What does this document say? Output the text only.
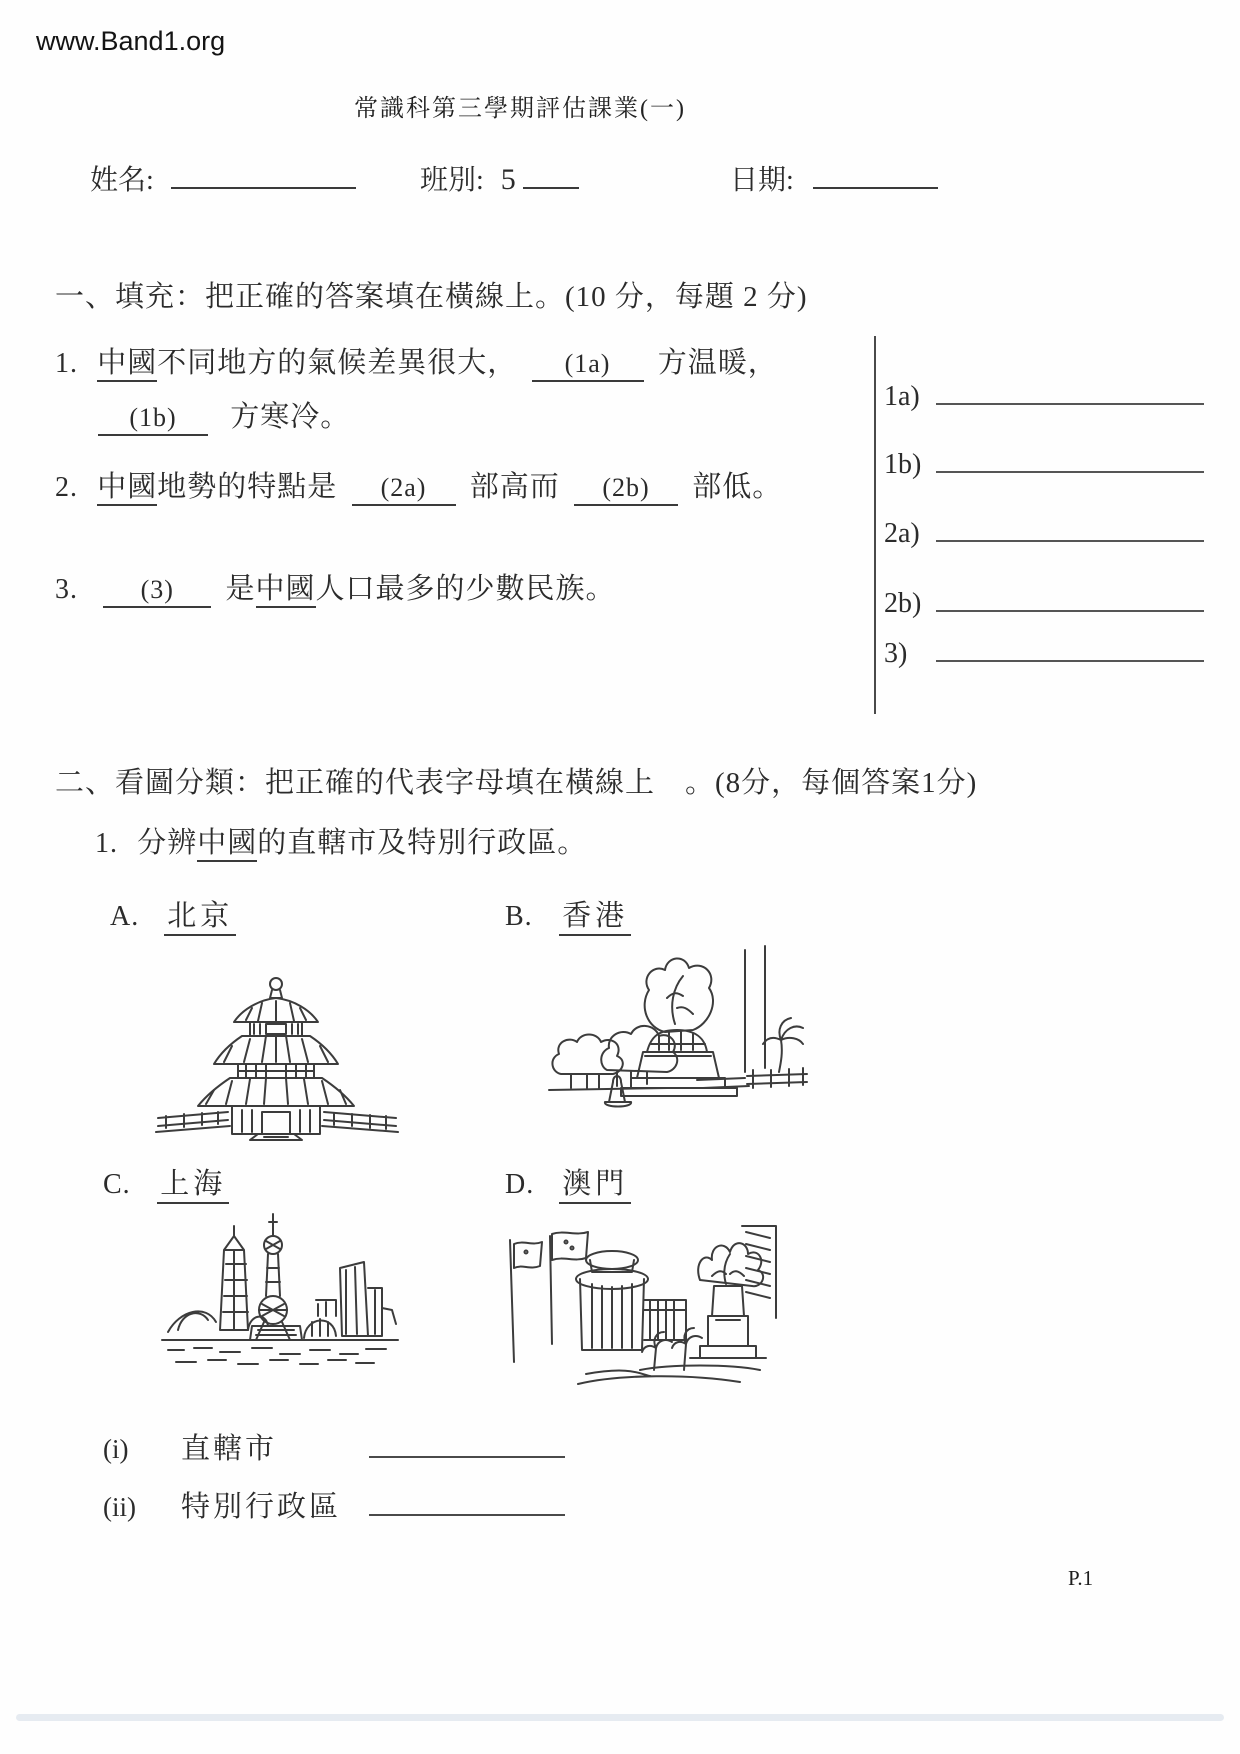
www.Band1.org
常識科第三學期評估課業(一)
姓名:	班別: 5	日期:
一、填充：把正確的答案填在橫線上。(10 分，每題 2 分)
1. 中國不同地方的氣候差異很大， (1a) 方温暖，
(1b) 方寒冷。
2. 中國地勢的特點是 (2a) 部高而 (2b) 部低。
3. (3) 是中國人口最多的少數民族。
1a)
1b)
2a)
2b)
3)
二、看圖分類：把正確的代表字母填在橫線上　。(8分，每個答案1分)
1. 分辨中國的直轄市及特別行政區。
A. 北京	B. 香港
C. 上海	D. 澳門
(i)	直轄市
(ii)	特別行政區
P.1
